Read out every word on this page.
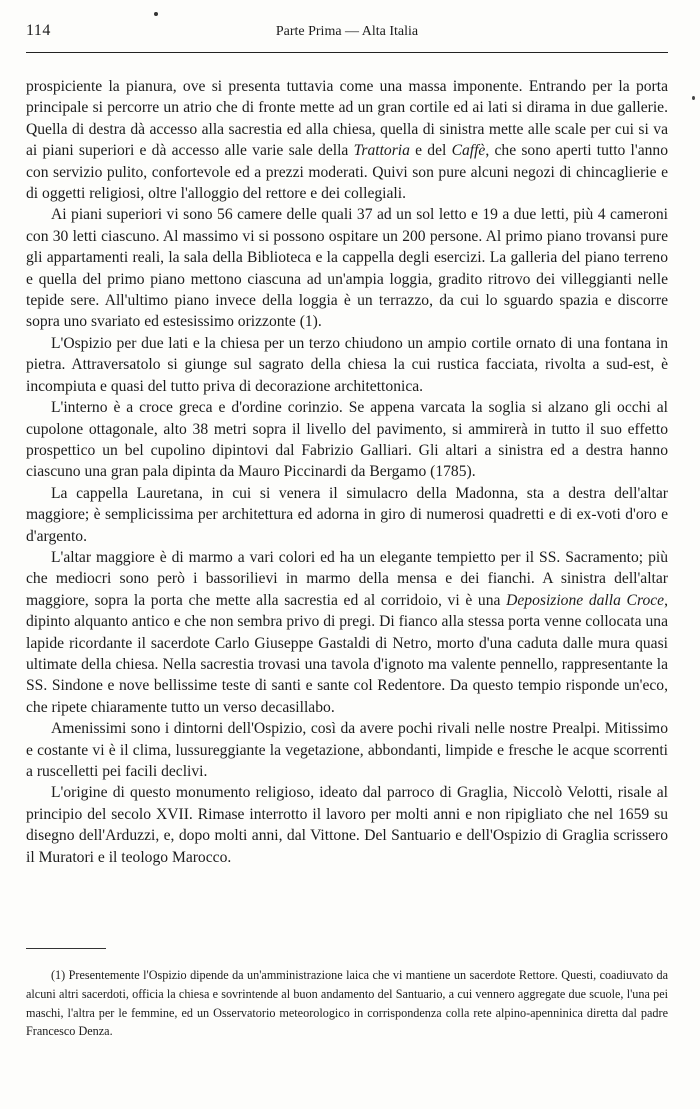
114	Parte Prima — Alta Italia

prospiciente la pianura, ove si presenta tuttavia come una massa imponente. Entrando per la porta principale si percorre un atrio che di fronte mette ad un gran cortile ed ai lati si dirama in due gallerie. Quella di destra dà accesso alla sacrestia ed alla chiesa, quella di sinistra mette alle scale per cui si va ai piani superiori e dà accesso alle varie sale della Trattoria e del Caffè, che sono aperti tutto l'anno con servizio pulito, confortevole ed a prezzi moderati. Quivi son pure alcuni negozi di chincaglierie e di oggetti religiosi, oltre l'alloggio del rettore e dei collegiali.

Ai piani superiori vi sono 56 camere delle quali 37 ad un sol letto e 19 a due letti, più 4 cameroni con 30 letti ciascuno. Al massimo vi si possono ospitare un 200 persone. Al primo piano trovansi pure gli appartamenti reali, la sala della Biblioteca e la cappella degli esercizi. La galleria del piano terreno e quella del primo piano mettono ciascuna ad un'ampia loggia, gradito ritrovo dei villeggianti nelle tepide sere. All'ultimo piano invece della loggia è un terrazzo, da cui lo sguardo spazia e discorre sopra uno svariato ed estesissimo orizzonte (1).

L'Ospizio per due lati e la chiesa per un terzo chiudono un ampio cortile ornato di una fontana in pietra. Attraversatolo si giunge sul sagrato della chiesa la cui rustica facciata, rivolta a sud-est, è incompiuta e quasi del tutto priva di decorazione architettonica.

L'interno è a croce greca e d'ordine corinzio. Se appena varcata la soglia si alzano gli occhi al cupolone ottagonale, alto 38 metri sopra il livello del pavimento, si ammirerà in tutto il suo effetto prospettico un bel cupolino dipintovi dal Fabrizio Galliari. Gli altari a sinistra ed a destra hanno ciascuno una gran pala dipinta da Mauro Piccinardi da Bergamo (1785).

La cappella Lauretana, in cui si venera il simulacro della Madonna, sta a destra dell'altar maggiore; è semplicissima per architettura ed adorna in giro di numerosi quadretti e di ex-voti d'oro e d'argento.

L'altar maggiore è di marmo a vari colori ed ha un elegante tempietto per il SS. Sacramento; più che mediocri sono però i bassorilievi in marmo della mensa e dei fianchi. A sinistra dell'altar maggiore, sopra la porta che mette alla sacrestia ed al corridoio, vi è una Deposizione dalla Croce, dipinto alquanto antico e che non sembra privo di pregi. Di fianco alla stessa porta venne collocata una lapide ricordante il sacerdote Carlo Giuseppe Gastaldi di Netro, morto d'una caduta dalle mura quasi ultimate della chiesa. Nella sacrestia trovasi una tavola d'ignoto ma valente pennello, rappresentante la SS. Sindone e nove bellissime teste di santi e sante col Redentore. Da questo tempio risponde un'eco, che ripete chiaramente tutto un verso decasillabo.

Amenissimi sono i dintorni dell'Ospizio, così da avere pochi rivali nelle nostre Prealpi. Mitissimo e costante vi è il clima, lussureggiante la vegetazione, abbondanti, limpide e fresche le acque scorrenti a ruscelletti pei facili declivi.

L'origine di questo monumento religioso, ideato dal parroco di Graglia, Niccolò Velotti, risale al principio del secolo XVII. Rimase interrotto il lavoro per molti anni e non ripigliato che nel 1659 su disegno dell'Arduzzi, e, dopo molti anni, dal Vittone. Del Santuario e dell'Ospizio di Graglia scrissero il Muratori e il teologo Marocco.

(1) Presentemente l'Ospizio dipende da un'amministrazione laica che vi mantiene un sacerdote Rettore. Questi, coadiuvato da alcuni altri sacerdoti, officia la chiesa e sovrintende al buon andamento del Santuario, a cui vennero aggregate due scuole, l'una pei maschi, l'altra per le femmine, ed un Osservatorio meteorologico in corrispondenza colla rete alpino-apenninica diretta dal padre Francesco Denza.
